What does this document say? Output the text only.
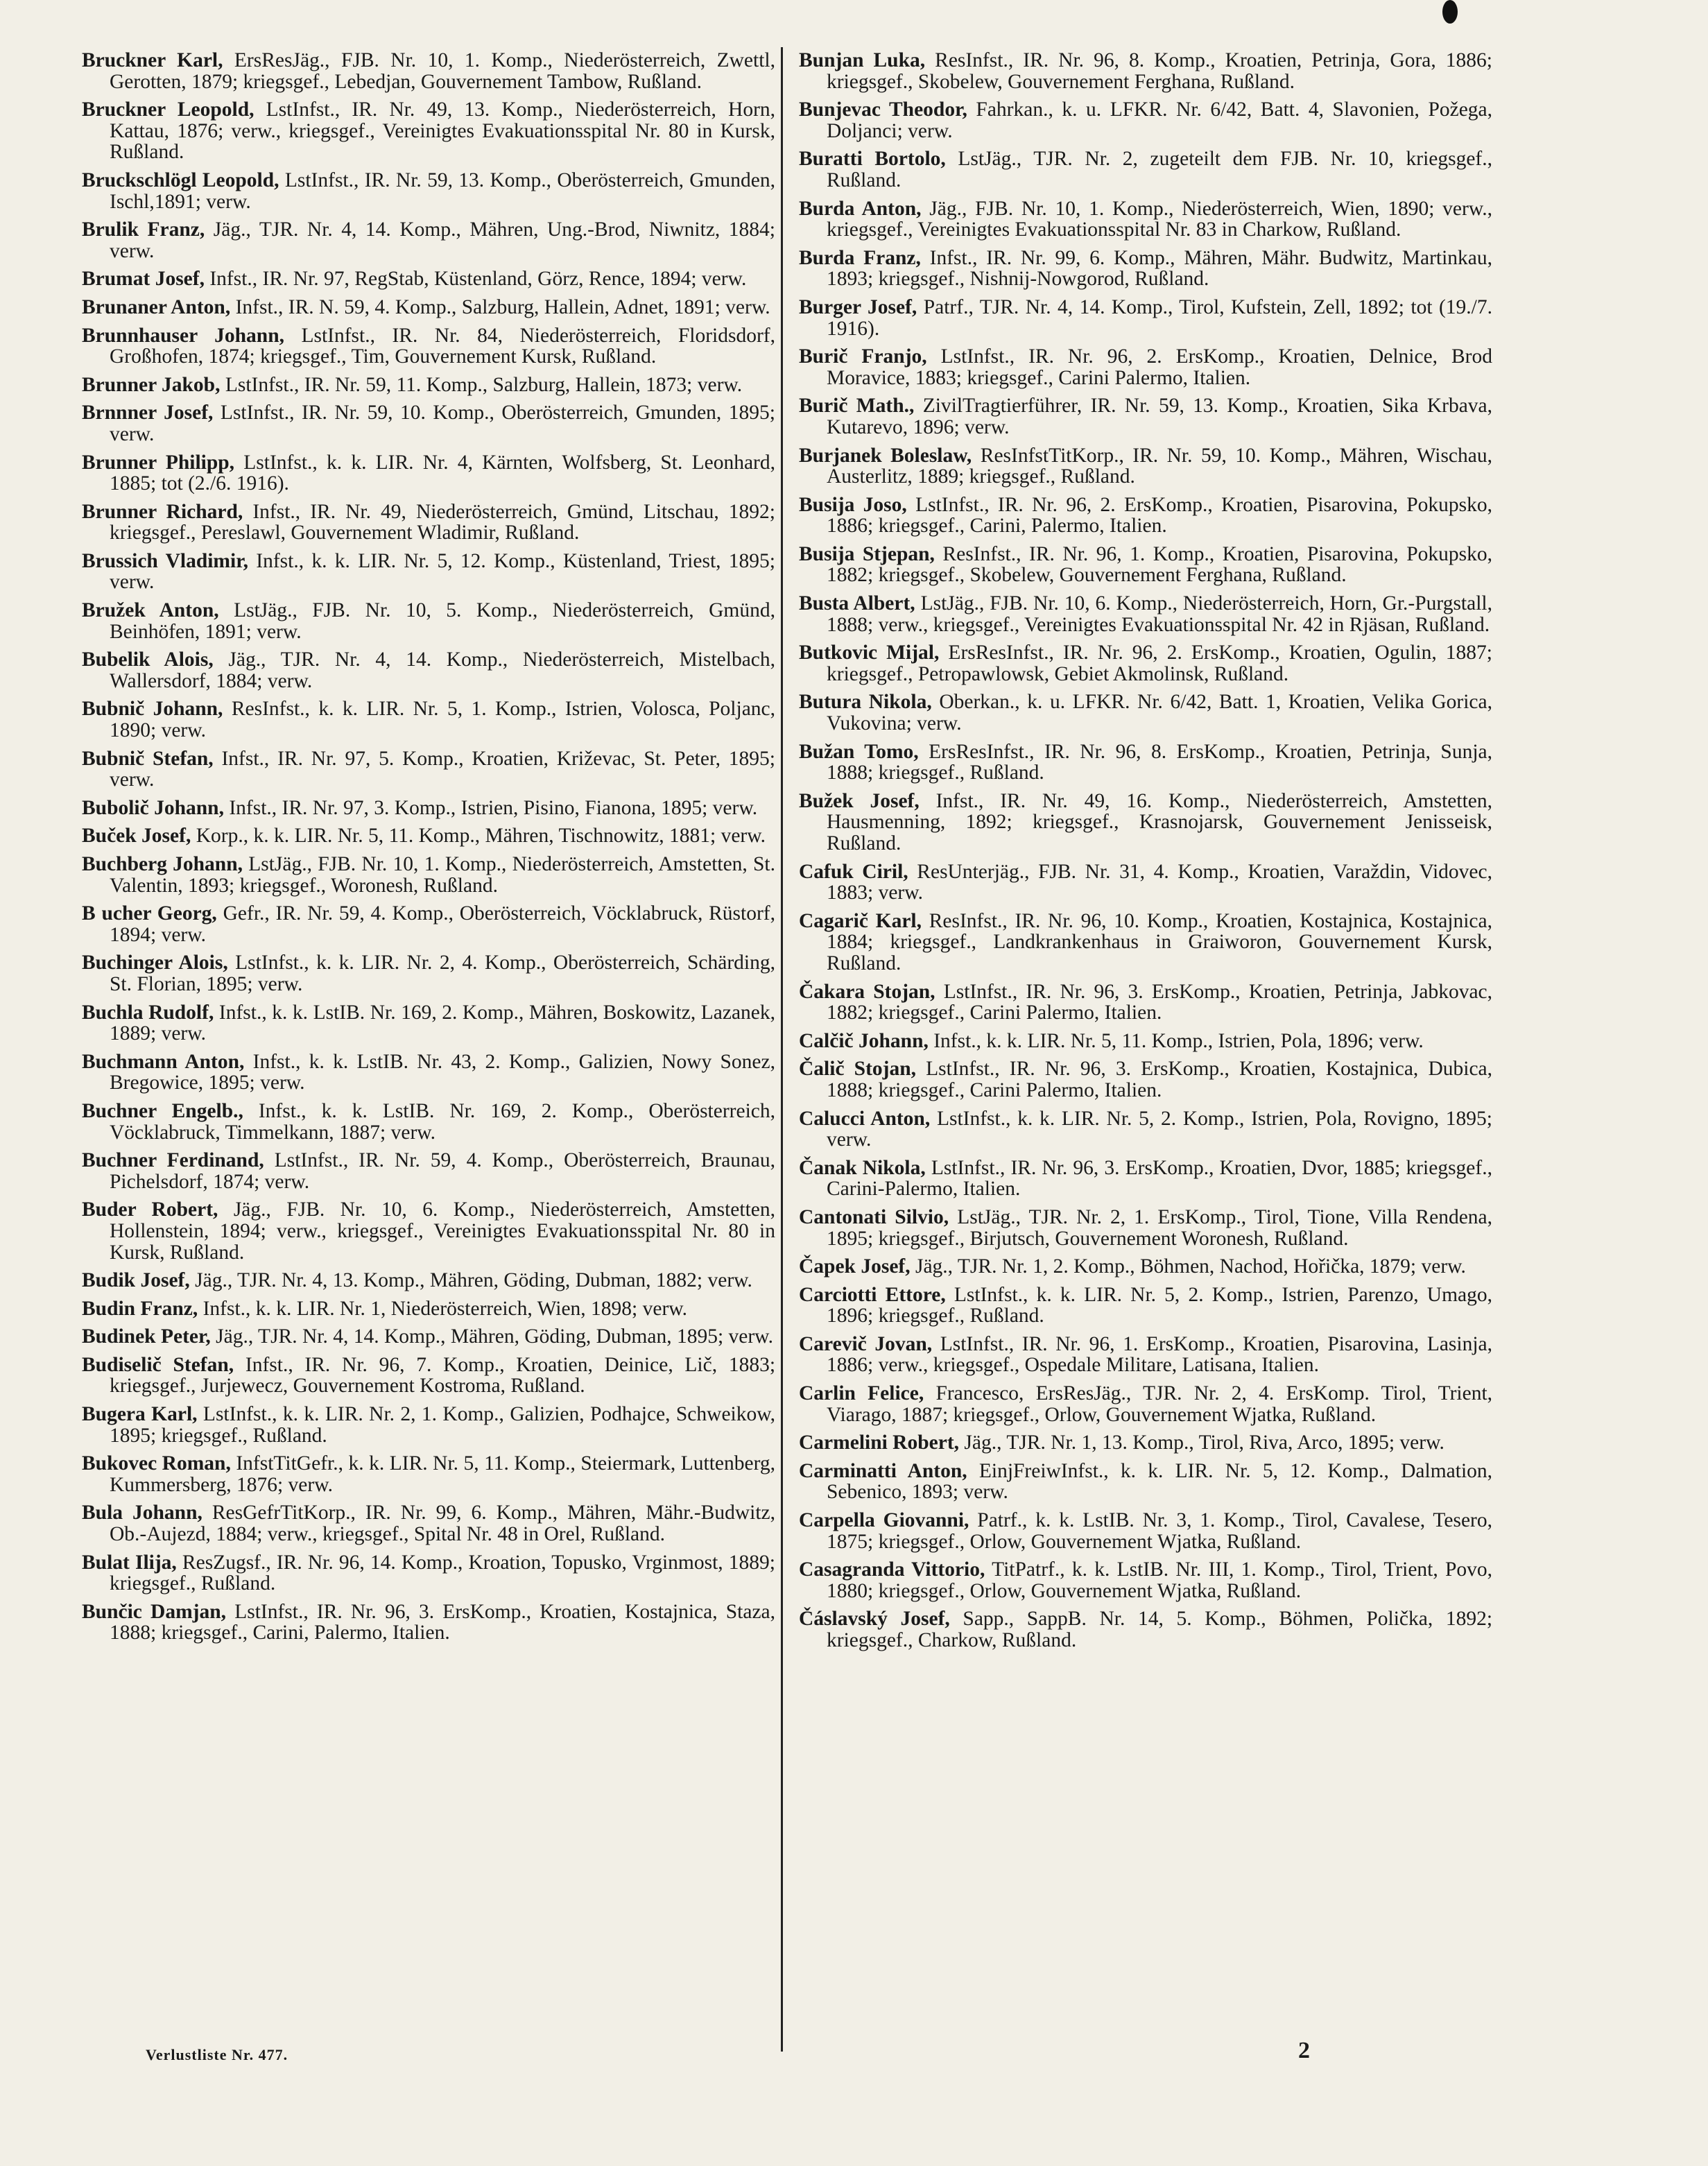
Bruckner Karl, ErsResJäg., FJB. Nr. 10, 1. Komp., Niederösterreich, Zwettl, Gerotten, 1879; kriegsgef., Lebedjan, Gouvernement Tambow, Rußland.

Bruckner Leopold, LstInfst., IR. Nr. 49, 13. Komp., Niederösterreich, Horn, Kattau, 1876; verw., kriegsgef., Vereinigtes Evakuationsspital Nr. 80 in Kursk, Rußland.

Bruckschlögl Leopold, LstInfst., IR. Nr. 59, 13. Komp., Oberösterreich, Gmunden, Ischl,1891; verw.

Brulik Franz, Jäg., TJR. Nr. 4, 14. Komp., Mähren, Ung.-Brod, Niwnitz, 1884; verw.

Brumat Josef, Infst., IR. Nr. 97, RegStab, Küstenland, Görz, Rence, 1894; verw.

Brunaner Anton, Infst., IR. N. 59, 4. Komp., Salzburg, Hallein, Adnet, 1891; verw.

Brunnhauser Johann, LstInfst., IR. Nr. 84, Niederösterreich, Floridsdorf, Großhofen, 1874; kriegsgef., Tim, Gouvernement Kursk, Rußland.

Brunner Jakob, LstInfst., IR. Nr. 59, 11. Komp., Salzburg, Hallein, 1873; verw.

Brnnner Josef, LstInfst., IR. Nr. 59, 10. Komp., Oberösterreich, Gmunden, 1895; verw.

Brunner Philipp, LstInfst., k. k. LIR. Nr. 4, Kärnten, Wolfsberg, St. Leonhard, 1885; tot (2./6. 1916).

Brunner Richard, Infst., IR. Nr. 49, Niederösterreich, Gmünd, Litschau, 1892; kriegsgef., Pereslawl, Gouvernement Wladimir, Rußland.

Brussich Vladimir, Infst., k. k. LIR. Nr. 5, 12. Komp., Küstenland, Triest, 1895; verw.

Bružek Anton, LstJäg., FJB. Nr. 10, 5. Komp., Niederösterreich, Gmünd, Beinhöfen, 1891; verw.

Bubelik Alois, Jäg., TJR. Nr. 4, 14. Komp., Niederösterreich, Mistelbach, Wallersdorf, 1884; verw.

Bubnič Johann, ResInfst., k. k. LIR. Nr. 5, 1. Komp., Istrien, Volosca, Poljanc, 1890; verw.

Bubnič Stefan, Infst., IR. Nr. 97, 5. Komp., Kroatien, Križevac, St. Peter, 1895; verw.

Bubolič Johann, Infst., IR. Nr. 97, 3. Komp., Istrien, Pisino, Fianona, 1895; verw.

Buček Josef, Korp., k. k. LIR. Nr. 5, 11. Komp., Mähren, Tischnowitz, 1881; verw.

Buchberg Johann, LstJäg., FJB. Nr. 10, 1. Komp., Niederösterreich, Amstetten, St. Valentin, 1893; kriegsgef., Woronesh, Rußland.

B ucher Georg, Gefr., IR. Nr. 59, 4. Komp., Oberösterreich, Vöcklabruck, Rüstorf, 1894; verw.

Buchinger Alois, LstInfst., k. k. LIR. Nr. 2, 4. Komp., Oberösterreich, Schärding, St. Florian, 1895; verw.

Buchla Rudolf, Infst., k. k. LstIB. Nr. 169, 2. Komp., Mähren, Boskowitz, Lazanek, 1889; verw.

Buchmann Anton, Infst., k. k. LstIB. Nr. 43, 2. Komp., Galizien, Nowy Sonez, Bregowice, 1895; verw.

Buchner Engelb., Infst., k. k. LstIB. Nr. 169, 2. Komp., Oberösterreich, Vöcklabruck, Timmelkann, 1887; verw.

Buchner Ferdinand, LstInfst., IR. Nr. 59, 4. Komp., Oberösterreich, Braunau, Pichelsdorf, 1874; verw.

Buder Robert, Jäg., FJB. Nr. 10, 6. Komp., Niederösterreich, Amstetten, Hollenstein, 1894; verw., kriegsgef., Vereinigtes Evakuationsspital Nr. 80 in Kursk, Rußland.

Budik Josef, Jäg., TJR. Nr. 4, 13. Komp., Mähren, Göding, Dubman, 1882; verw.

Budin Franz, Infst., k. k. LIR. Nr. 1, Niederösterreich, Wien, 1898; verw.

Budinek Peter, Jäg., TJR. Nr. 4, 14. Komp., Mähren, Göding, Dubman, 1895; verw.

Budiselič Stefan, Infst., IR. Nr. 96, 7. Komp., Kroatien, Deinice, Lič, 1883; kriegsgef., Jurjewecz, Gouvernement Kostroma, Rußland.

Bugera Karl, LstInfst., k. k. LIR. Nr. 2, 1. Komp., Galizien, Podhajce, Schweikow, 1895; kriegsgef., Rußland.

Bukovec Roman, InfstTitGefr., k. k. LIR. Nr. 5, 11. Komp., Steiermark, Luttenberg, Kummersberg, 1876; verw.

Bula Johann, ResGefrTitKorp., IR. Nr. 99, 6. Komp., Mähren, Mähr.-Budwitz, Ob.-Aujezd, 1884; verw., kriegsgef., Spital Nr. 48 in Orel, Rußland.

Bulat Ilija, ResZugsf., IR. Nr. 96, 14. Komp., Kroation, Topusko, Vrginmost, 1889; kriegsgef., Rußland.

Bunčic Damjan, LstInfst., IR. Nr. 96, 3. ErsKomp., Kroatien, Kostajnica, Staza, 1888; kriegsgef., Carini, Palermo, Italien.

Bunjan Luka, ResInfst., IR. Nr. 96, 8. Komp., Kroatien, Petrinja, Gora, 1886; kriegsgef., Skobelew, Gouvernement Ferghana, Rußland.

Bunjevac Theodor, Fahrkan., k. u. LFKR. Nr. 6/42, Batt. 4, Slavonien, Požega, Doljanci; verw.

Buratti Bortolo, LstJäg., TJR. Nr. 2, zugeteilt dem FJB. Nr. 10, kriegsgef., Rußland.

Burda Anton, Jäg., FJB. Nr. 10, 1. Komp., Niederösterreich, Wien, 1890; verw., kriegsgef., Vereinigtes Evakuationsspital Nr. 83 in Charkow, Rußland.

Burda Franz, Infst., IR. Nr. 99, 6. Komp., Mähren, Mähr. Budwitz, Martinkau, 1893; kriegsgef., Nishnij-Nowgorod, Rußland.

Burger Josef, Patrf., TJR. Nr. 4, 14. Komp., Tirol, Kufstein, Zell, 1892; tot (19./7. 1916).

Burič Franjo, LstInfst., IR. Nr. 96, 2. ErsKomp., Kroatien, Delnice, Brod Moravice, 1883; kriegsgef., Carini Palermo, Italien.

Burič Math., ZivilTragtierführer, IR. Nr. 59, 13. Komp., Kroatien, Sika Krbava, Kutarevo, 1896; verw.

Burjanek Boleslaw, ResInfstTitKorp., IR. Nr. 59, 10. Komp., Mähren, Wischau, Austerlitz, 1889; kriegsgef., Rußland.

Busija Joso, LstInfst., IR. Nr. 96, 2. ErsKomp., Kroatien, Pisarovina, Pokupsko, 1886; kriegsgef., Carini, Palermo, Italien.

Busija Stjepan, ResInfst., IR. Nr. 96, 1. Komp., Kroatien, Pisarovina, Pokupsko, 1882; kriegsgef., Skobelew, Gouvernement Ferghana, Rußland.

Busta Albert, LstJäg., FJB. Nr. 10, 6. Komp., Niederösterreich, Horn, Gr.-Purgstall, 1888; verw., kriegsgef., Vereinigtes Evakuationsspital Nr. 42 in Rjäsan, Rußland.

Butkovic Mijal, ErsResInfst., IR. Nr. 96, 2. ErsKomp., Kroatien, Ogulin, 1887; kriegsgef., Petropawlowsk, Gebiet Akmolinsk, Rußland.

Butura Nikola, Oberkan., k. u. LFKR. Nr. 6/42, Batt. 1, Kroatien, Velika Gorica, Vukovina; verw.

Bužan Tomo, ErsResInfst., IR. Nr. 96, 8. ErsKomp., Kroatien, Petrinja, Sunja, 1888; kriegsgef., Rußland.

Bužek Josef, Infst., IR. Nr. 49, 16. Komp., Niederösterreich, Amstetten, Hausmenning, 1892; kriegsgef., Krasnojarsk, Gouvernement Jenisseisk, Rußland.

Cafuk Ciril, ResUnterjäg., FJB. Nr. 31, 4. Komp., Kroatien, Varaždin, Vidovec, 1883; verw.

Cagarič Karl, ResInfst., IR. Nr. 96, 10. Komp., Kroatien, Kostajnica, Kostajnica, 1884; kriegsgef., Landkrankenhaus in Graiworon, Gouvernement Kursk, Rußland.

Čakara Stojan, LstInfst., IR. Nr. 96, 3. ErsKomp., Kroatien, Petrinja, Jabkovac, 1882; kriegsgef., Carini Palermo, Italien.

Calčič Johann, Infst., k. k. LIR. Nr. 5, 11. Komp., Istrien, Pola, 1896; verw.

Čalič Stojan, LstInfst., IR. Nr. 96, 3. ErsKomp., Kroatien, Kostajnica, Dubica, 1888; kriegsgef., Carini Palermo, Italien.

Calucci Anton, LstInfst., k. k. LIR. Nr. 5, 2. Komp., Istrien, Pola, Rovigno, 1895; verw.

Čanak Nikola, LstInfst., IR. Nr. 96, 3. ErsKomp., Kroatien, Dvor, 1885; kriegsgef., Carini-Palermo, Italien.

Cantonati Silvio, LstJäg., TJR. Nr. 2, 1. ErsKomp., Tirol, Tione, Villa Rendena, 1895; kriegsgef., Birjutsch, Gouvernement Woronesh, Rußland.

Čapek Josef, Jäg., TJR. Nr. 1, 2. Komp., Böhmen, Nachod, Hořička, 1879; verw.

Carciotti Ettore, LstInfst., k. k. LIR. Nr. 5, 2. Komp., Istrien, Parenzo, Umago, 1896; kriegsgef., Rußland.

Carevič Jovan, LstInfst., IR. Nr. 96, 1. ErsKomp., Kroatien, Pisarovina, Lasinja, 1886; verw., kriegsgef., Ospedale Militare, Latisana, Italien.

Carlin Felice, Francesco, ErsResJäg., TJR. Nr. 2, 4. ErsKomp. Tirol, Trient, Viarago, 1887; kriegsgef., Orlow, Gouvernement Wjatka, Rußland.

Carmelini Robert, Jäg., TJR. Nr. 1, 13. Komp., Tirol, Riva, Arco, 1895; verw.

Carminatti Anton, EinjFreiwInfst., k. k. LIR. Nr. 5, 12. Komp., Dalmation, Sebenico, 1893; verw.

Carpella Giovanni, Patrf., k. k. LstIB. Nr. 3, 1. Komp., Tirol, Cavalese, Tesero, 1875; kriegsgef., Orlow, Gouvernement Wjatka, Rußland.

Casagranda Vittorio, TitPatrf., k. k. LstIB. Nr. III, 1. Komp., Tirol, Trient, Povo, 1880; kriegsgef., Orlow, Gouvernement Wjatka, Rußland.

Čáslavský Josef, Sapp., SappB. Nr. 14, 5. Komp., Böhmen, Polička, 1892; kriegsgef., Charkow, Rußland.

Verlustliste Nr. 477.	2
